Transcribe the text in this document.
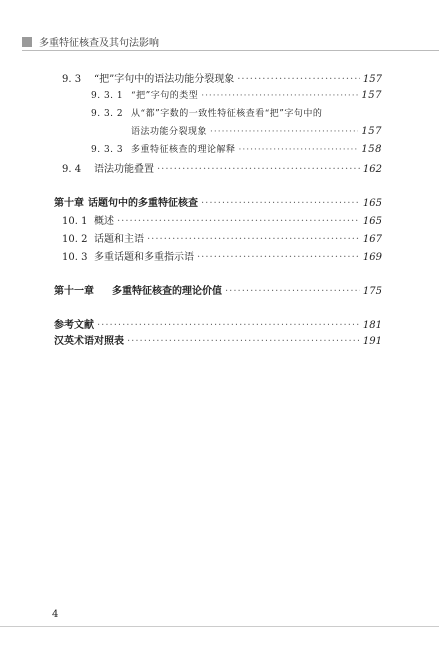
多重特征核查及其句法影响
9. 3	“把”字句中的语法功能分裂现象 ·····	157
9. 3. 1 “把”字句的类型 ·····	157
9. 3. 2 从“都”字数的一致性特征核查看“把”字句中的
语法功能分裂现象 ·····	157
9. 3. 3 多重特征核查的理论解释 ·····	158
9. 4	语法功能叠置 ·····	162
第十章 话题句中的多重特征核查 ·····	165
10. 1 概述 ·····	165
10. 2 话题和主语 ·····	167
10. 3 多重话题和多重指示语 ·····	169
第十一章	多重特征核查的理论价值 ·····	175
参考文献 ·····	181
汉英术语对照表 ·····	191
4
